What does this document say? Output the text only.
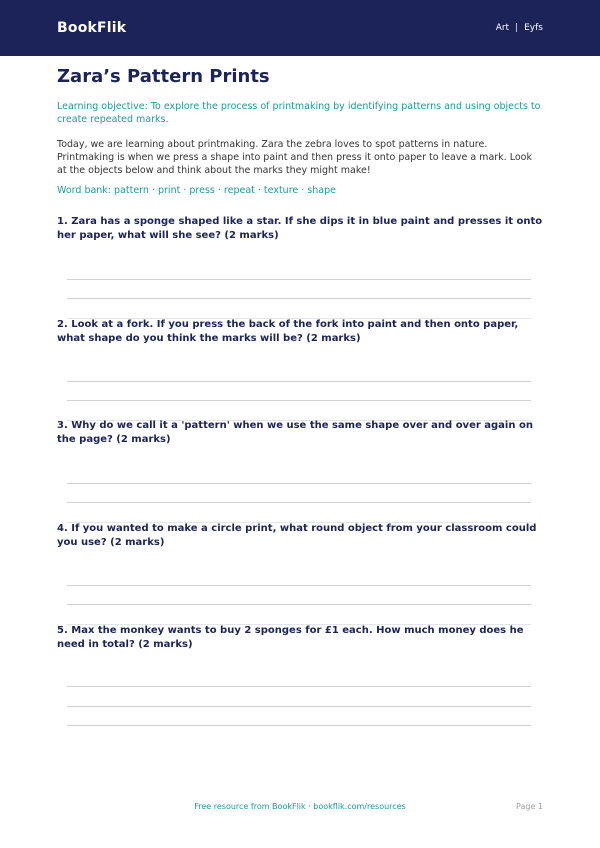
BookFlik	Art | Eyfs
Zara’s Pattern Prints

Learning objective: To explore the process of printmaking by identifying patterns and using objects to create repeated marks.

Today, we are learning about printmaking. Zara the zebra loves to spot patterns in nature. Printmaking is when we press a shape into paint and then press it onto paper to leave a mark. Look at the objects below and think about the marks they might make!

Word bank: pattern · print · press · repeat · texture · shape

1. Zara has a sponge shaped like a star. If she dips it in blue paint and presses it onto her paper, what will she see? (2 marks)

2. Look at a fork. If you press the back of the fork into paint and then onto paper, what shape do you think the marks will be? (2 marks)

3. Why do we call it a 'pattern' when we use the same shape over and over again on the page? (2 marks)

4. If you wanted to make a circle print, what round object from your classroom could you use? (2 marks)

5. Max the monkey wants to buy 2 sponges for £1 each. How much money does he need in total? (2 marks)

Free resource from BookFlik · bookflik.com/resources	Page 1
